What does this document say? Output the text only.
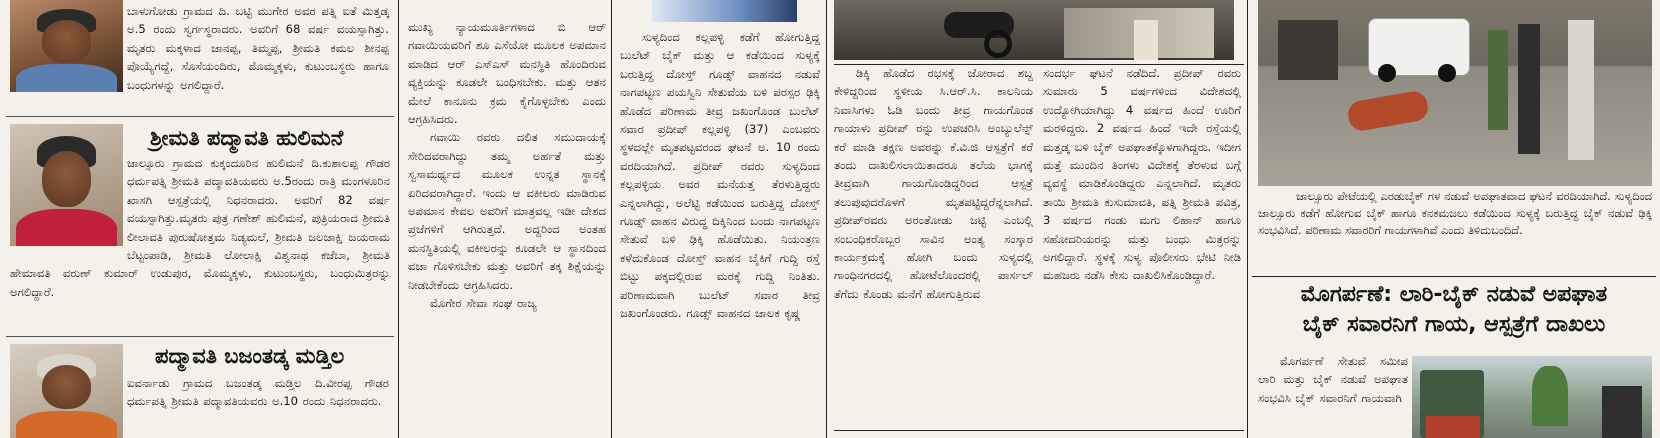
ಬಾಳುಗೋಡು ಗ್ರಾಮದ ದಿ. ಬಟ್ಟಿ ಮುಗೇರ ಅವರ ಪತ್ನಿ ಐತೆ ಮಿತ್ತಡ್ಕ ಅ.5 ರಂದು ಸ್ವರ್ಗಸ್ಥರಾದರು. ಅವರಿಗೆ 68 ವರ್ಷ ವಯಸ್ಸಾಗಿತ್ತು. ಮೃತರು ಮಕ್ಕಳಾದ ಜಾನಪ್ಪ, ತಿಮ್ಮಪ್ಪ, ಶ್ರೀಮತಿ ಕಮಲ ಶೀನಪ್ಪ ಪೊಯ್ಯೆಗದ್ದೆ, ಸೊಸೆಯಂದಿರು, ಮೊಮ್ಮಕ್ಕಳು, ಕುಟುಂಬಸ್ಥರು ಹಾಗೂ ಬಂಧುಗಳನ್ನು ಅಗಲಿದ್ದಾರೆ.

ಶ್ರೀಮತಿ ಪದ್ಮಾವತಿ ಹುಲಿಮನೆ

ಜಾಲ್ಸೂರು ಗ್ರಾಮದ ಕುಕ್ಕಂದೂರಿನ ಹುಲಿಮನೆ ದಿ.ಕುಶಾಲಪ್ಪ ಗೌಡರ ಧರ್ಮಪತ್ನಿ ಶ್ರೀಮತಿ ಪದ್ಮಾವತಿಯವರು ಅ.5ರಂದು ರಾತ್ರಿ ಮಂಗಳೂರಿನ ಖಾಸಗಿ ಆಸ್ಪತ್ರೆಯಲ್ಲಿ ನಿಧನರಾದರು. ಅವರಿಗೆ 82 ವರ್ಷ ವಯಸ್ಸಾಗಿತ್ತು.ಮೃತರು ಪುತ್ರ ಗಣೇಶ್ ಹುಲಿಮನೆ, ಪುತ್ರಿಯರಾದ ಶ್ರೀಮತಿ ಲೀಲಾವತಿ ಪುರುಷೋತ್ತಮ ನಿಡ್ಯಮಲೆ, ಶ್ರೀಮತಿ ಜಲಜಾಕ್ಷಿ ಜಯರಾಮ ಬೆಟ್ಟಂಪಾಡಿ, ಶ್ರೀಮತಿ ಲೋಲಾಕ್ಷಿ ವಿಶ್ವನಾಥ ಕಜೆಬಾ, ಶ್ರೀಮತಿ ಹೇಮಾವತಿ ವರುಣ್ ಕುಮಾರ್ ಉಡುಪುರ, ಮೊಮ್ಮಕ್ಕಳು, ಕುಟುಂಬಸ್ಥರು, ಬಂಧುಮಿತ್ರರನ್ನು ಅಗಲಿದ್ದಾರೆ.

ಪದ್ಮಾವತಿ ಬಜಂತಡ್ಕ ಮಡ್ತಿಲ

ಐವರ್ನಾಡು ಗ್ರಾಮದ ಬಜಂತಡ್ಕ ಮಡ್ತಿಲ ದಿ.ವೀರಪ್ಪ ಗೌಡರ ಧರ್ಮಪತ್ನಿ ಶ್ರೀಮತಿ ಪದ್ಮಾವತಿಯವರು ಅ.10 ರಂದು ನಿಧನರಾದರು.

ಮುಖ್ಯ ನ್ಯಾಯಮೂರ್ತಿಗಳಾದ ಬಿ ಆರ್ ಗವಾಯಿಯವರಿಗೆ ಶೂ ಎಸೆಯೋ ಮೂಲಕ ಅಪಮಾನ ಮಾಡಿದ ಆರ್ ಎಸ್ಎಸ್ ಮನಸ್ಥಿತಿ ಹೊಂದಿರುವ ವ್ಯಕ್ತಿಯನ್ನು ಕೂಡಲೇ ಬಂಧಿಸಬೇಕು. ಮತ್ತು ಆತನ ಮೇಲೆ ಕಾನೂನು ಕ್ರಮ ಕೈಗೊಳ್ಳಬೇಕು ಎಂದು ಆಗ್ರಹಿಸಿದರು.

ಗವಾಯಿ ರವರು ದಲಿತ ಸಮುದಾಯಕ್ಕೆ ಸೇರಿದವರಾಗಿದ್ದು ತಮ್ಮ ಅರ್ಹತೆ ಮತ್ತು ಸ್ವಸಾಮರ್ಥ್ಯದ ಮೂಲಕ ಉನ್ನತ ಸ್ಥಾನಕ್ಕೆ ಏರಿದವರಾಗಿದ್ದಾರೆ. ಇಂದು ಆ ವಕೀಲರು ಮಾಡಿರುವ ಅಪಮಾನ ಕೇವಲ ಅವರಿಗೆ ಮಾತ್ರವಲ್ಲ ಇಡೀ ದೇಶದ ಪ್ರಜೆಗಳಿಗೆ ಆಗಿರುತ್ತದೆ. ಅದ್ದರಿಂದ ಅಂತಹ ಮನಸ್ಥಿತಿಯಲ್ಲಿ ವಕೀಲರನ್ನು ಕೂಡಲೇ ಆ ಸ್ಥಾನದಿಂದ ವಜಾ ಗೊಳಿಸಬೇಕು ಮತ್ತು ಅವರಿಗೆ ತಕ್ಕ ಶಿಕ್ಷೆಯನ್ನು ನೀಡಬೇಕೆಂದು ಆಗ್ರಹಿಸಿದರು.

ಮೊಗೇರ ಸೇವಾ ಸಂಘ ರಾಜ್ಯ

ಸುಳ್ಯದಿಂದ ಕಲ್ಲಪಳ್ಳಿ ಕಡೆಗೆ ಹೋಗುತ್ತಿದ್ದ ಬುಲೆಟ್ ಬೈಕ್ ಮತ್ತು ಆ ಕಡೆಯಿಂದ ಸುಳ್ಯಕ್ಕೆ ಬರುತ್ತಿದ್ದ ದೋಸ್ತ್ ಗೂಡ್ಸ್ ವಾಹನದ ನಡುವೆ ನಾಗಪಟ್ಟಣ ಪಯಸ್ವಿನಿ ಸೇತುವೆಯ ಬಳಿ ಪರಸ್ಪರ ಢಿಕ್ಕಿ ಹೊಡೆದ ಪರಿಣಾಮ ತೀವ್ರ ಜಖಂಗೊಂಡ ಬುಲೆಟ್ ಸವಾರ ಪ್ರದೀಪ್ ಕಲ್ಲಪಳ್ಳಿ (37) ಎಂಬವರು ಸ್ಥಳದಲ್ಲೇ ಮೃತಪಟ್ಟವರಂದ ಘಟನೆ ಅ. 10 ರಂದು ವರದಿಯಾಗಿದೆ. ಪ್ರದೀಪ್ ರವರು ಸುಳ್ಯದಿಂದ ಕಲ್ಲಪಳ್ಳಿಯ ಅವರ ಮನೆಯತ್ತ ತೆರಳುತ್ತಿದ್ದರು ಎನ್ನಲಾಗಿದ್ದು, ಅಲೆಟ್ಟಿ ಕಡೆಯಿಂದ ಬರುತ್ತಿದ್ದ ದೋಸ್ತ್ ಗೂಡ್ಸ್ ವಾಹನ ವಿರುದ್ಧ ದಿಕ್ಕಿನಿಂದ ಬಂದು ನಾಗಪಟ್ಟಣ ಸೇತುವೆ ಬಳಿ ಢಿಕ್ಕಿ ಹೊಡೆಯಿತು. ನಿಯಂತ್ರಣ ಕಳೆದುಕೊಂಡ ದೋಸ್ತ್ ವಾಹನ ಬೈಕಿಗೆ ಗುದ್ದಿ ರಸ್ತೆ ಬಿಟ್ಟು ಪಕ್ಕದಲ್ಲಿರುವ ಮರಕ್ಕೆ ಗುದ್ದಿ ನಿಂತಿತು. ಪರಿಣಾಮವಾಗಿ ಬುಲೆಟ್ ಸವಾರ ತೀವ್ರ ಜಖಂಗೊಂಡರು. ಗೂಡ್ಸ್ ವಾಹನದ ಚಾಲಕ ಕೃಷ್ಣ

ಡಿಕ್ಕಿ ಹೊಡೆದ ರಭಸಕ್ಕೆ ಜೋರಾದ ಶಬ್ದ ಕೇಳಿದ್ದರಿಂದ ಸ್ಥಳೀಯ ಸಿ.ಆರ್.ಸಿ. ಕಾಲನಿಯ ನಿವಾಸಿಗಳು ಓಡಿ ಬಂದು ತೀವ್ರ ಗಾಯಗೊಂಡ ಗಾಯಾಳು ಪ್ರದೀಪ್ ರನ್ನು ಉಪಚರಿಸಿ ಅಂಬ್ಯುಲೆನ್ಸ್ ಕರೆ ಮಾಡಿ ತಕ್ಷಣ ಅವರನ್ನು ಕೆ.ವಿ.ಜಿ ಆಸ್ಪತ್ರೆಗೆ ಕರೆ ತಂದು ದಾಖಲಿಸಲಾಯಿತಾದರೂ ತಲೆಯ ಭಾಗಕ್ಕೆ ತೀವ್ರವಾಗಿ ಗಾಯಗೊಂಡಿದ್ದರಿಂದ ಆಸ್ಪತ್ರೆ ತಲುಪುವುದರೊಳಗೆ ಮೃತಪಟ್ಟಿದ್ದರೆನ್ನಲಾಗಿದೆ. ಪ್ರದೀಪ್‌ರವರು ಅರಂತೋಡು ಜಟ್ಟಿ ಎಂಬಲ್ಲಿ ಸಂಬಂಧಿಕರೊಬ್ಬರ ಸಾವಿನ ಅಂತ್ಯ ಸಂಸ್ಕಾರ ಕಾರ್ಯಕ್ರಮಕ್ಕೆ ಹೋಗಿ ಬಂದು ಸುಳ್ಯದಲ್ಲಿ ಗಾಂಧಿನಗರದಲ್ಲಿ ಹೋಟೆಲೊಂದರಲ್ಲಿ ಪಾರ್ಸಲ್ ತೆಗೆದು ಕೊಂಡು ಮನೆಗೆ ಹೋಗುತ್ತಿರುವ

ಸಂದರ್ಭ ಘಟನೆ ನಡೆದಿದೆ. ಪ್ರದೀಪ್ ರವರು ಸುಮಾರು 5 ವರ್ಷಗಳಿಂದ ವಿದೇಶದಲ್ಲಿ ಉದ್ಯೋಗಿಯಾಗಿದ್ದು 4 ವರ್ಷದ ಹಿಂದೆ ಊರಿಗೆ ಮರಳಿದ್ದರು. 2 ವರ್ಷದ ಹಿಂದೆ ಇದೇ ರಸ್ತೆಯಲ್ಲಿ ಮತ್ತಡ್ಕ ಬಳಿ ಬೈಕ್ ಅಪಘಾತಕ್ಕೊಳಗಾಗಿದ್ದರು. ಇದೀಗ ಮತ್ತೆ ಮುಂದಿನ ತಿಂಗಳು ವಿದೇಶಕ್ಕೆ ತೆರಳುವ ಬಗ್ಗೆ ವ್ಯವಸ್ಥೆ ಮಾಡಿಕೊಂಡಿದ್ದರು ಎನ್ನಲಾಗಿದೆ. ಮೃತರು ತಾಯಿ ಶ್ರೀಮತಿ ಕುಸುಮಾವತಿ, ಪತ್ನಿ ಶ್ರೀಮತಿ ಪವಿತ್ರ, 3 ವರ್ಷದ ಗಂಡು ಮಗು ಲಿಹಾನ್ ಹಾಗೂ ಸಹೋದರಿಯರನ್ನು ಮತ್ತು ಬಂಧು ಮಿತ್ರರನ್ನು ಅಗಲಿದ್ದಾರೆ. ಸ್ಥಳಕ್ಕೆ ಸುಳ್ಯ ಪೊಲೀಸರು ಭೇಟಿ ನೀಡಿ ಮಹಜರು ನಡೆಸಿ ಕೇಸು ದಾಖಲಿಸಿಕೊಂಡಿದ್ದಾರೆ.

ಜಾಲ್ಸೂರು ಪೇಟೆಯಲ್ಲಿ ಎರಡುಬೈಕ್ ಗಳ ನಡುವೆ ಅಪಘಾತವಾದ ಘಟನೆ ವರದಿಯಾಗಿದೆ. ಸುಳ್ಯದಿಂದ ಜಾಲ್ಸೂರು ಕಡೆಗೆ ಹೋಗುವ ಬೈಕ್ ಹಾಗೂ ಕನಕಮಜಲು ಕಡೆಯಿಂದ ಸುಳ್ಯಕ್ಕೆ ಬರುತ್ತಿದ್ದ ಬೈಕ್ ನಡುವೆ ಢಿಕ್ಕಿ ಸಂಭವಿಸಿದೆ. ಪರಿಣಾಮ ಸವಾರರಿಗೆ ಗಾಯಗಳಾಗಿವೆ ಎಂದು ತಿಳಿದುಬಂದಿದೆ.

ಮೊಗರ್ಪಣೆ: ಲಾರಿ-ಬೈಕ್ ನಡುವೆ ಅಪಘಾತ

ಬೈಕ್ ಸವಾರನಿಗೆ ಗಾಯ, ಆಸ್ಪತ್ರೆಗೆ ದಾಖಲು

ಮೊಗರ್ಪಣೆ ಸೇತುವೆ ಸಮೀಪ ಲಾರಿ ಮತ್ತು ಬೈಕ್ ನಡುವೆ ಅಪಘಾತ ಸಂಭವಿಸಿ ಬೈಕ್ ಸವಾರನಿಗೆ ಗಾಯವಾಗಿ
